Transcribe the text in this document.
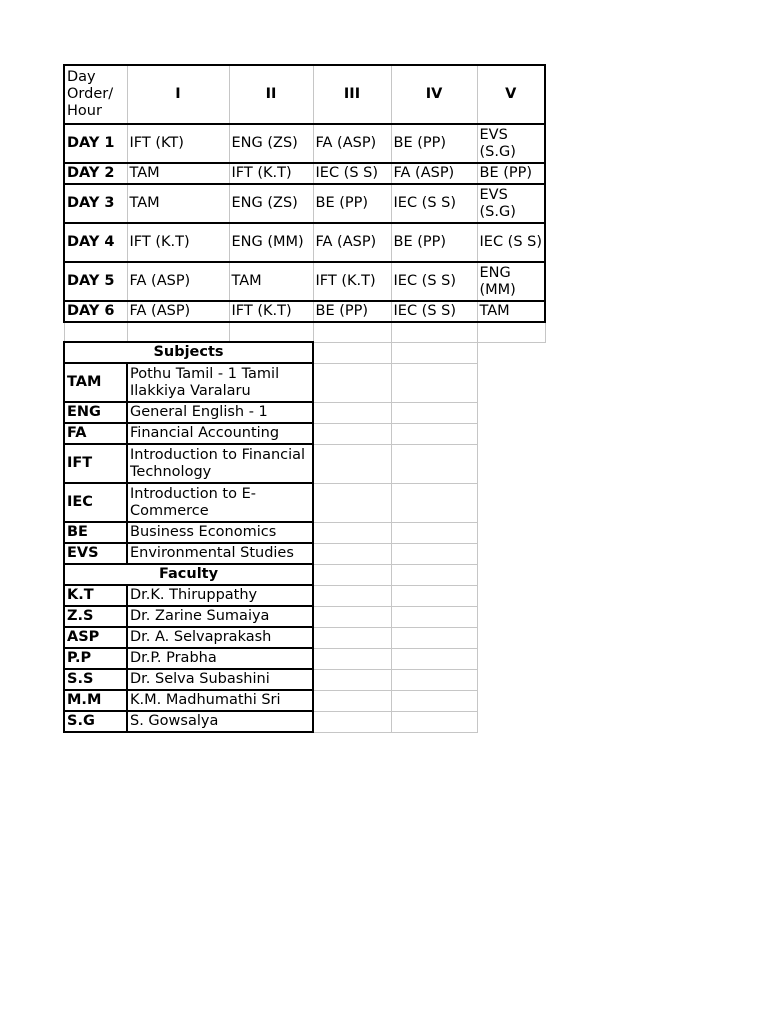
Day Order/ Hour	I	II	III	IV	V
DAY 1	IFT (KT)	ENG (ZS)	FA (ASP)	BE (PP)	EVS (S.G)
DAY 2	TAM	IFT (K.T)	IEC (S S)	FA (ASP)	BE (PP)
DAY 3	TAM	ENG (ZS)	BE (PP)	IEC (S S)	EVS (S.G)
DAY 4	IFT (K.T)	ENG (MM)	FA (ASP)	BE (PP)	IEC (S S)
DAY 5	FA (ASP)	TAM	IFT (K.T)	IEC (S S)	ENG (MM)
DAY 6	FA (ASP)	IFT (K.T)	BE (PP)	IEC (S S)	TAM

Subjects					
TAM	Pothu Tamil - 1 Tamil Ilakkiya Varalaru				
ENG	General English - 1				
FA	Financial Accounting				
IFT	Introduction to Financial Technology				
IEC	Introduction to E-Commerce				
BE	Business Economics				
EVS	Environmental Studies				
Faculty					
K.T	Dr.K. Thiruppathy				
Z.S	Dr. Zarine Sumaiya				
ASP	Dr. A. Selvaprakash				
P.P	Dr.P. Prabha				
S.S	Dr. Selva Subashini				
M.M	K.M. Madhumathi Sri				
S.G	S. Gowsalya				
